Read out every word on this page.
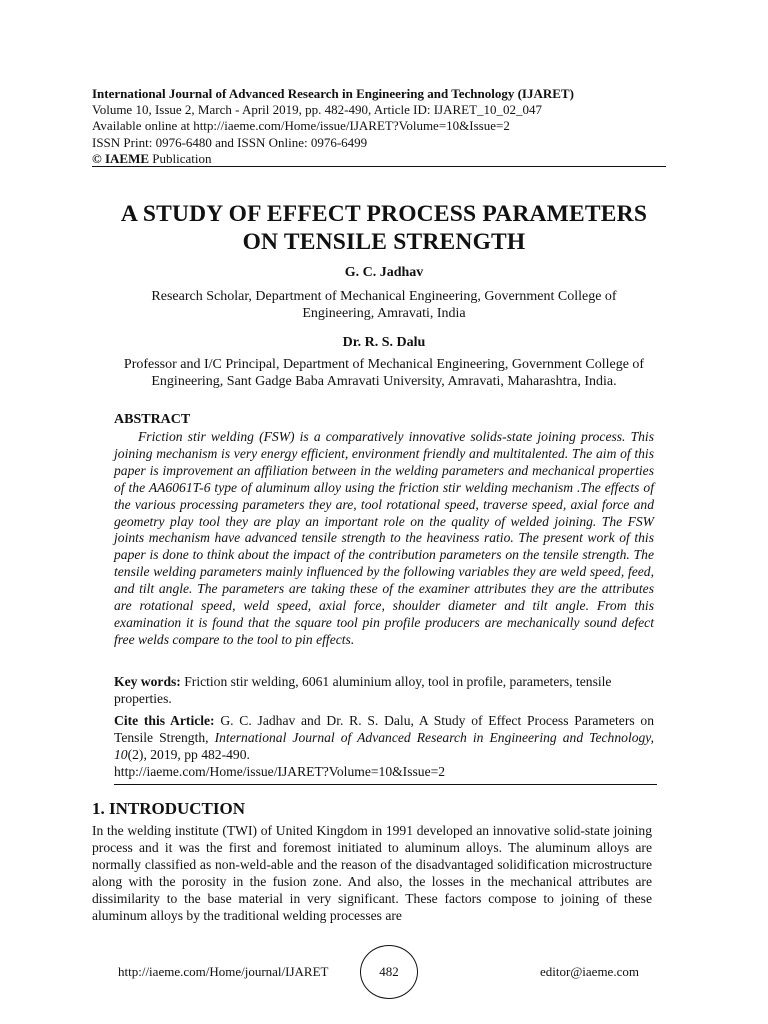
International Journal of Advanced Research in Engineering and Technology (IJARET)
Volume 10, Issue 2, March - April 2019, pp. 482-490, Article ID: IJARET_10_02_047
Available online at http://iaeme.com/Home/issue/IJARET?Volume=10&Issue=2
ISSN Print: 0976-6480 and ISSN Online: 0976-6499
© IAEME Publication
A STUDY OF EFFECT PROCESS PARAMETERS
ON TENSILE STRENGTH
G. C. Jadhav
Research Scholar, Department of Mechanical Engineering, Government College of
Engineering, Amravati, India
Dr. R. S. Dalu
Professor and I/C Principal, Department of Mechanical Engineering, Government College of
Engineering, Sant Gadge Baba Amravati University, Amravati, Maharashtra, India.
ABSTRACT

Friction stir welding (FSW) is a comparatively innovative solids-state joining process. This joining mechanism is very energy efficient, environment friendly and multitalented. The aim of this paper is improvement an affiliation between in the welding parameters and mechanical properties of the AA6061T-6 type of aluminum alloy using the friction stir welding mechanism .The effects of the various processing parameters they are, tool rotational speed, traverse speed, axial force and geometry play tool they are play an important role on the quality of welded joining. The FSW joints mechanism have advanced tensile strength to the heaviness ratio. The present work of this paper is done to think about the impact of the contribution parameters on the tensile strength. The tensile welding parameters mainly influenced by the following variables they are weld speed, feed, and tilt angle. The parameters are taking these of the examiner attributes they are the attributes are rotational speed, weld speed, axial force, shoulder diameter and tilt angle. From this examination it is found that the square tool pin profile producers are mechanically sound defect free welds compare to the tool to pin effects.

Key words: Friction stir welding, 6061 aluminium alloy, tool in profile, parameters, tensile properties.
Cite this Article: G. C. Jadhav and Dr. R. S. Dalu, A Study of Effect Process Parameters on Tensile Strength, International Journal of Advanced Research in Engineering and Technology, 10(2), 2019, pp 482-490.
http://iaeme.com/Home/issue/IJARET?Volume=10&Issue=2
1. INTRODUCTION

In the welding institute (TWI) of United Kingdom in 1991 developed an innovative solid-state joining process and it was the first and foremost initiated to aluminum alloys. The aluminum alloys are normally classified as non-weld-able and the reason of the disadvantaged solidification microstructure along with the porosity in the fusion zone. And also, the losses in the mechanical attributes are dissimilarity to the base material in very significant. These factors compose to joining of these aluminum alloys by the traditional welding processes are

http://iaeme.com/Home/journal/IJARET	482	editor@iaeme.com
